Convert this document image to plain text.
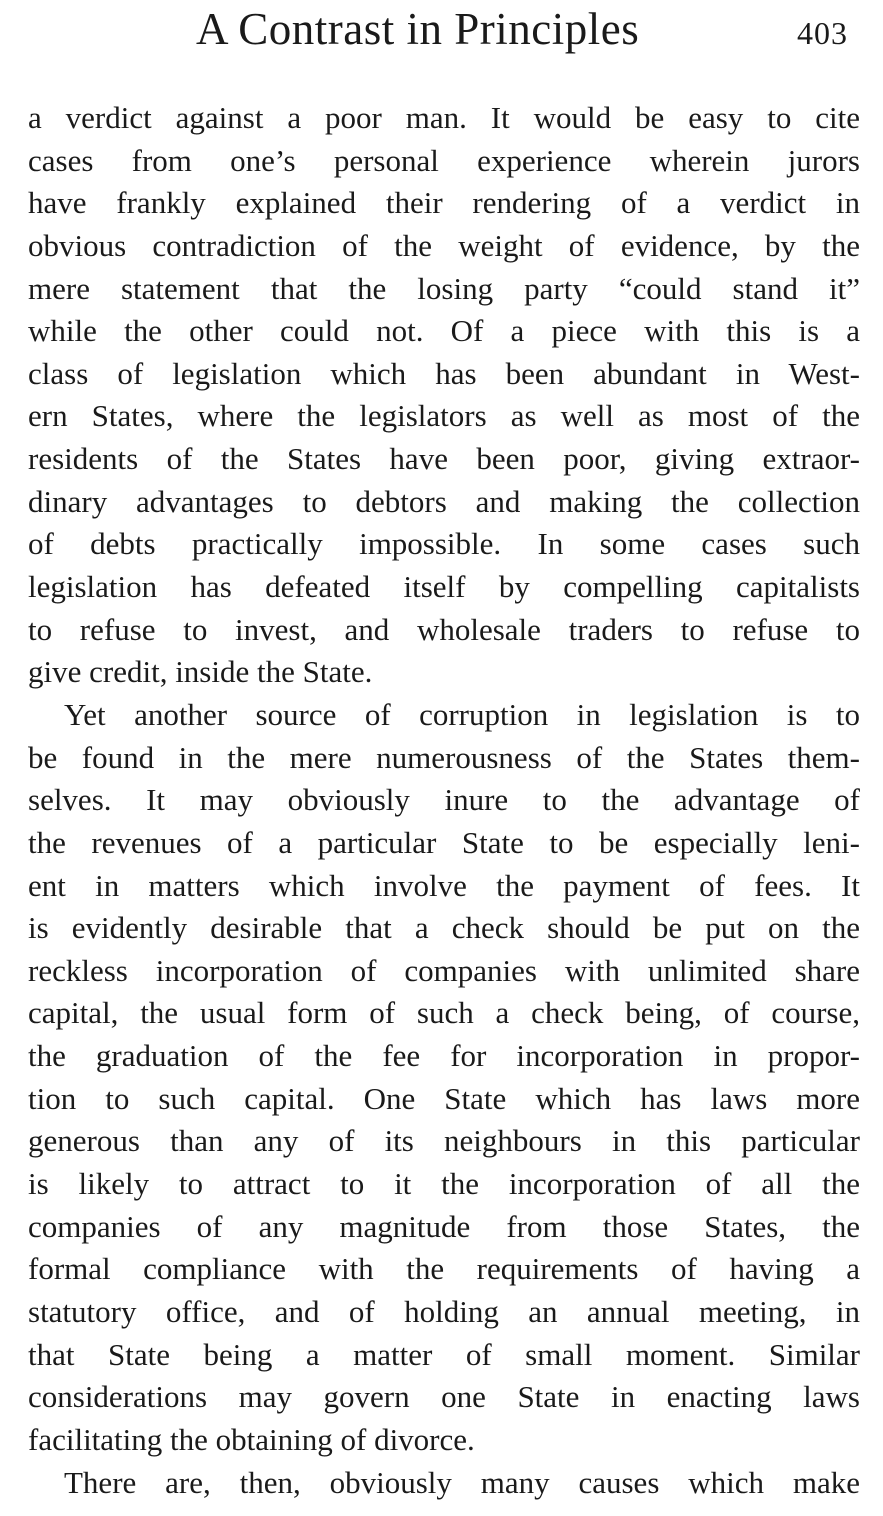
A Contrast in Principles	403
a verdict against a poor man. It would be easy to cite
cases from one’s personal experience wherein jurors
have frankly explained their rendering of a verdict in
obvious contradiction of the weight of evidence, by the
mere statement that the losing party “could stand it”
while the other could not. Of a piece with this is a
class of legislation which has been abundant in West-
ern States, where the legislators as well as most of the
residents of the States have been poor, giving extraor-
dinary advantages to debtors and making the collection
of debts practically impossible. In some cases such
legislation has defeated itself by compelling capitalists
to refuse to invest, and wholesale traders to refuse to
give credit, inside the State.
Yet another source of corruption in legislation is to
be found in the mere numerousness of the States them-
selves. It may obviously inure to the advantage of
the revenues of a particular State to be especially leni-
ent in matters which involve the payment of fees. It
is evidently desirable that a check should be put on the
reckless incorporation of companies with unlimited share
capital, the usual form of such a check being, of course,
the graduation of the fee for incorporation in propor-
tion to such capital. One State which has laws more
generous than any of its neighbours in this particular
is likely to attract to it the incorporation of all the
companies of any magnitude from those States, the
formal compliance with the requirements of having a
statutory office, and of holding an annual meeting, in
that State being a matter of small moment. Similar
considerations may govern one State in enacting laws
facilitating the obtaining of divorce.
There are, then, obviously many causes which make
